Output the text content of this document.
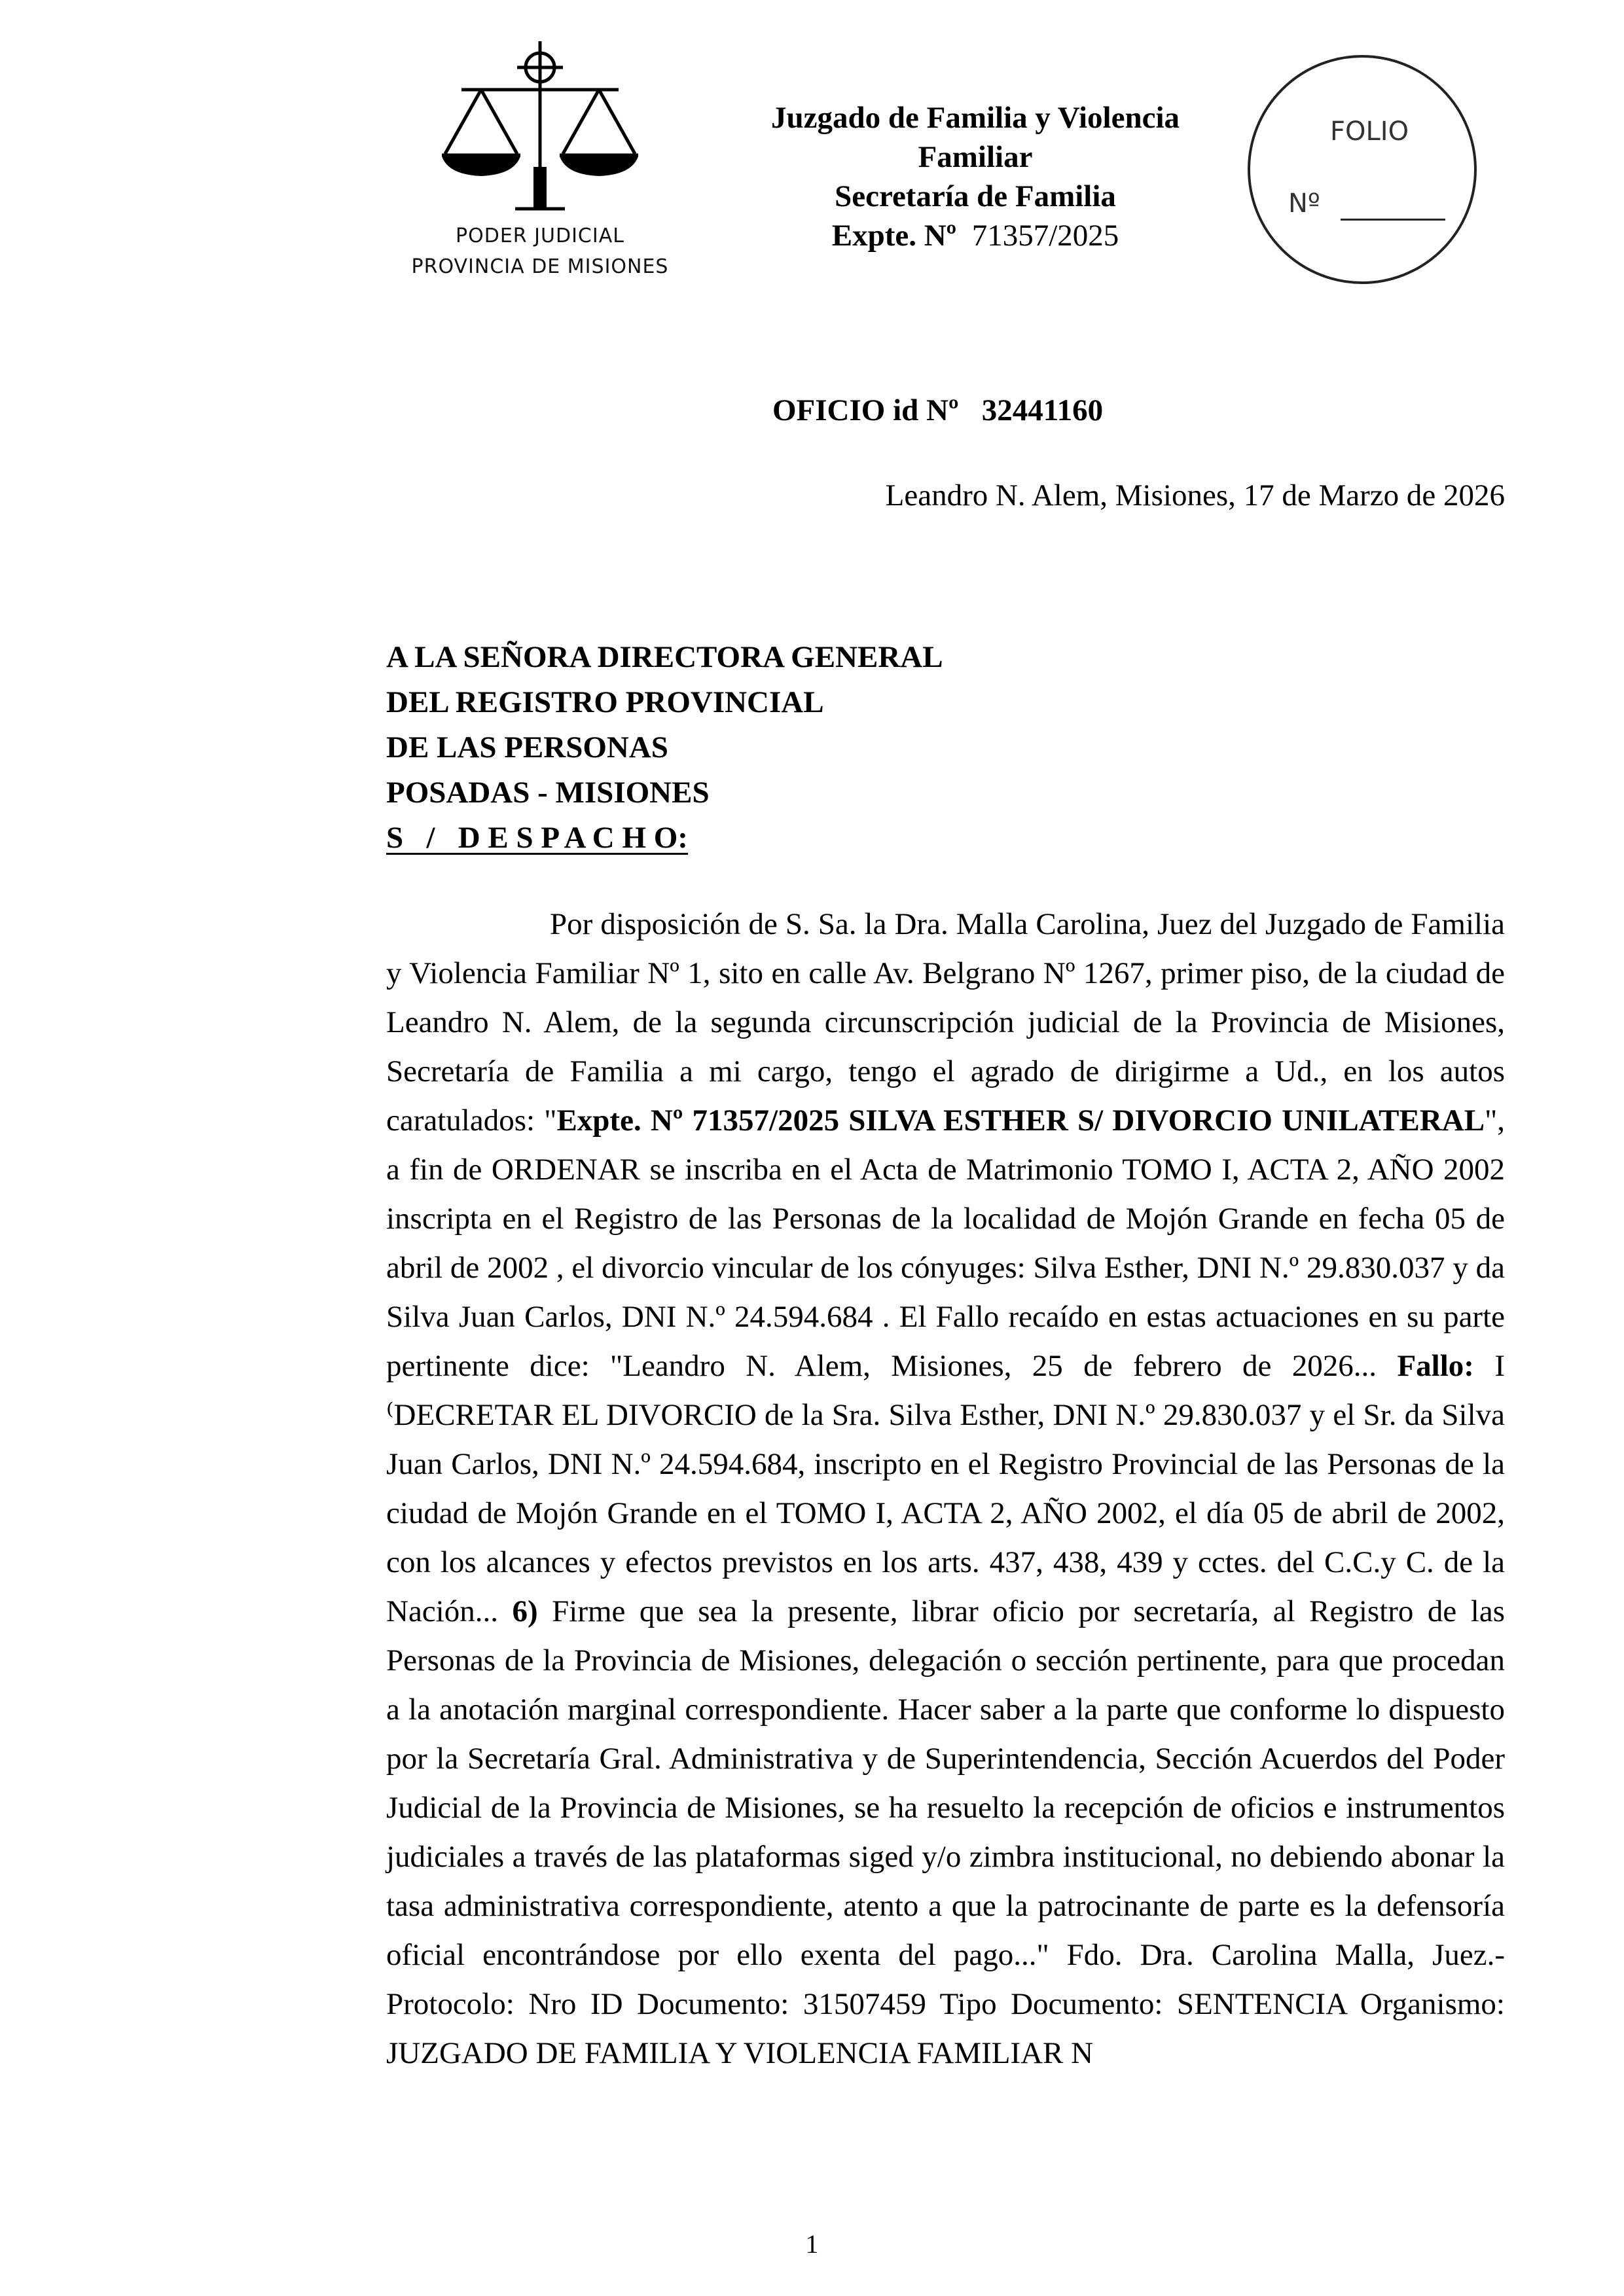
PODER JUDICIAL
PROVINCIA DE MISIONES
Juzgado de Familia y Violencia
Familiar
Secretaría de Familia
Expte. Nº 71357/2025
FOLIO
Nº
OFICIO id Nº 32441160
Leandro N. Alem, Misiones, 17 de Marzo de 2026
A LA SEÑORA DIRECTORA GENERAL
DEL REGISTRO PROVINCIAL
DE LAS PERSONAS
POSADAS - MISIONES
S   /   D E S P A C H O:

Por disposición de S. Sa. la Dra. Malla Carolina, Juez del Juzgado de Familia y Violencia Familiar Nº 1, sito en calle Av. Belgrano Nº 1267, primer piso, de la ciudad de Leandro N. Alem, de la segunda circunscripción judicial de la Provincia de Misiones, Secretaría de Familia a mi cargo, tengo el agrado de dirigirme a Ud., en los autos caratulados: "Expte. Nº 71357/2025 SILVA ESTHER S/ DIVORCIO UNILATERAL", a fin de ORDENAR se inscriba en el Acta de Matrimonio TOMO I, ACTA 2, AÑO 2002 inscripta en el Registro de las Personas de la localidad de Mojón Grande en fecha 05 de abril de 2002 , el divorcio vincular de los cónyuges: Silva Esther, DNI N.º 29.830.037 y da Silva Juan Carlos, DNI N.º 24.594.684 . El Fallo recaído en estas actuaciones en su parte pertinente dice: "Leandro N. Alem, Misiones, 25 de febrero de 2026... Fallo: I ⁽DECRETAR EL DIVORCIO de la Sra. Silva Esther, DNI N.º 29.830.037 y el Sr. da Silva Juan Carlos, DNI N.º 24.594.684, inscripto en el Registro Provincial de las Personas de la ciudad de Mojón Grande en el TOMO I, ACTA 2, AÑO 2002, el día 05 de abril de 2002, con los alcances y efectos previstos en los arts. 437, 438, 439 y cctes. del C.C.y C. de la Nación... 6) Firme que sea la presente, librar oficio por secretaría, al Registro de las Personas de la Provincia de Misiones, delegación o sección pertinente, para que procedan a la anotación marginal correspondiente. Hacer saber a la parte que conforme lo dispuesto por la Secretaría Gral. Administrativa y de Superintendencia, Sección Acuerdos del Poder Judicial de la Provincia de Misiones, se ha resuelto la recepción de oficios e instrumentos judiciales a través de las plataformas siged y/o zimbra institucional, no debiendo abonar la tasa administrativa correspondiente, atento a que la patrocinante de parte es la defensoría oficial encontrándose por ello exenta del pago..." Fdo. Dra. Carolina Malla, Juez.- Protocolo: Nro ID Documento: 31507459 Tipo Documento: SENTENCIA Organismo: JUZGADO DE FAMILIA Y VIOLENCIA FAMILIAR N

1
